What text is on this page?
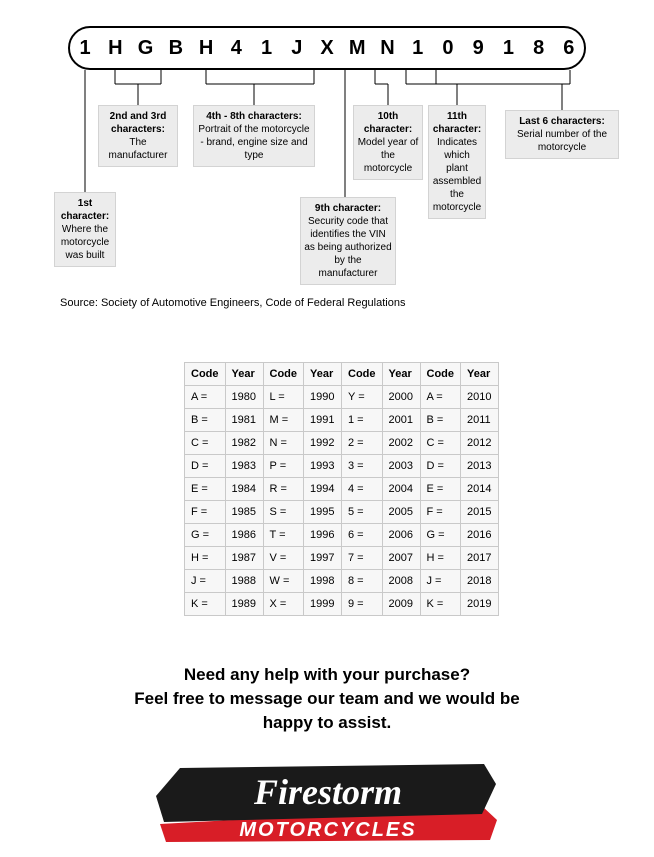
1 H G B H 4 1 J X M N 1 0 9 1 8 6
1st character:
Where the motorcycle was built
2nd and 3rd characters:
The manufacturer
4th - 8th characters:
Portrait of the motorcycle - brand, engine size and type
10th character:
Model year of the motorcycle
11th character:
Indicates which plant assembled the motorcycle
Last 6 characters:
Serial number of the motorcycle
9th character:
Security code that identifies the VIN as being authorized by the manufacturer
Source: Society of Automotive Engineers, Code of Federal Regulations
Code	Year	Code	Year	Code	Year	Code	Year
A =	1980	L =	1990	Y =	2000	A =	2010
B =	1981	M =	1991	1 =	2001	B =	2011
C =	1982	N =	1992	2 =	2002	C =	2012
D =	1983	P =	1993	3 =	2003	D =	2013
E =	1984	R =	1994	4 =	2004	E =	2014
F =	1985	S =	1995	5 =	2005	F =	2015
G =	1986	T =	1996	6 =	2006	G =	2016
H =	1987	V =	1997	7 =	2007	H =	2017
J =	1988	W =	1998	8 =	2008	J =	2018
K =	1989	X =	1999	9 =	2009	K =	2019
Need any help with your purchase?
Feel free to message our team and we would be
happy to assist.
Firestorm
MOTORCYCLES
